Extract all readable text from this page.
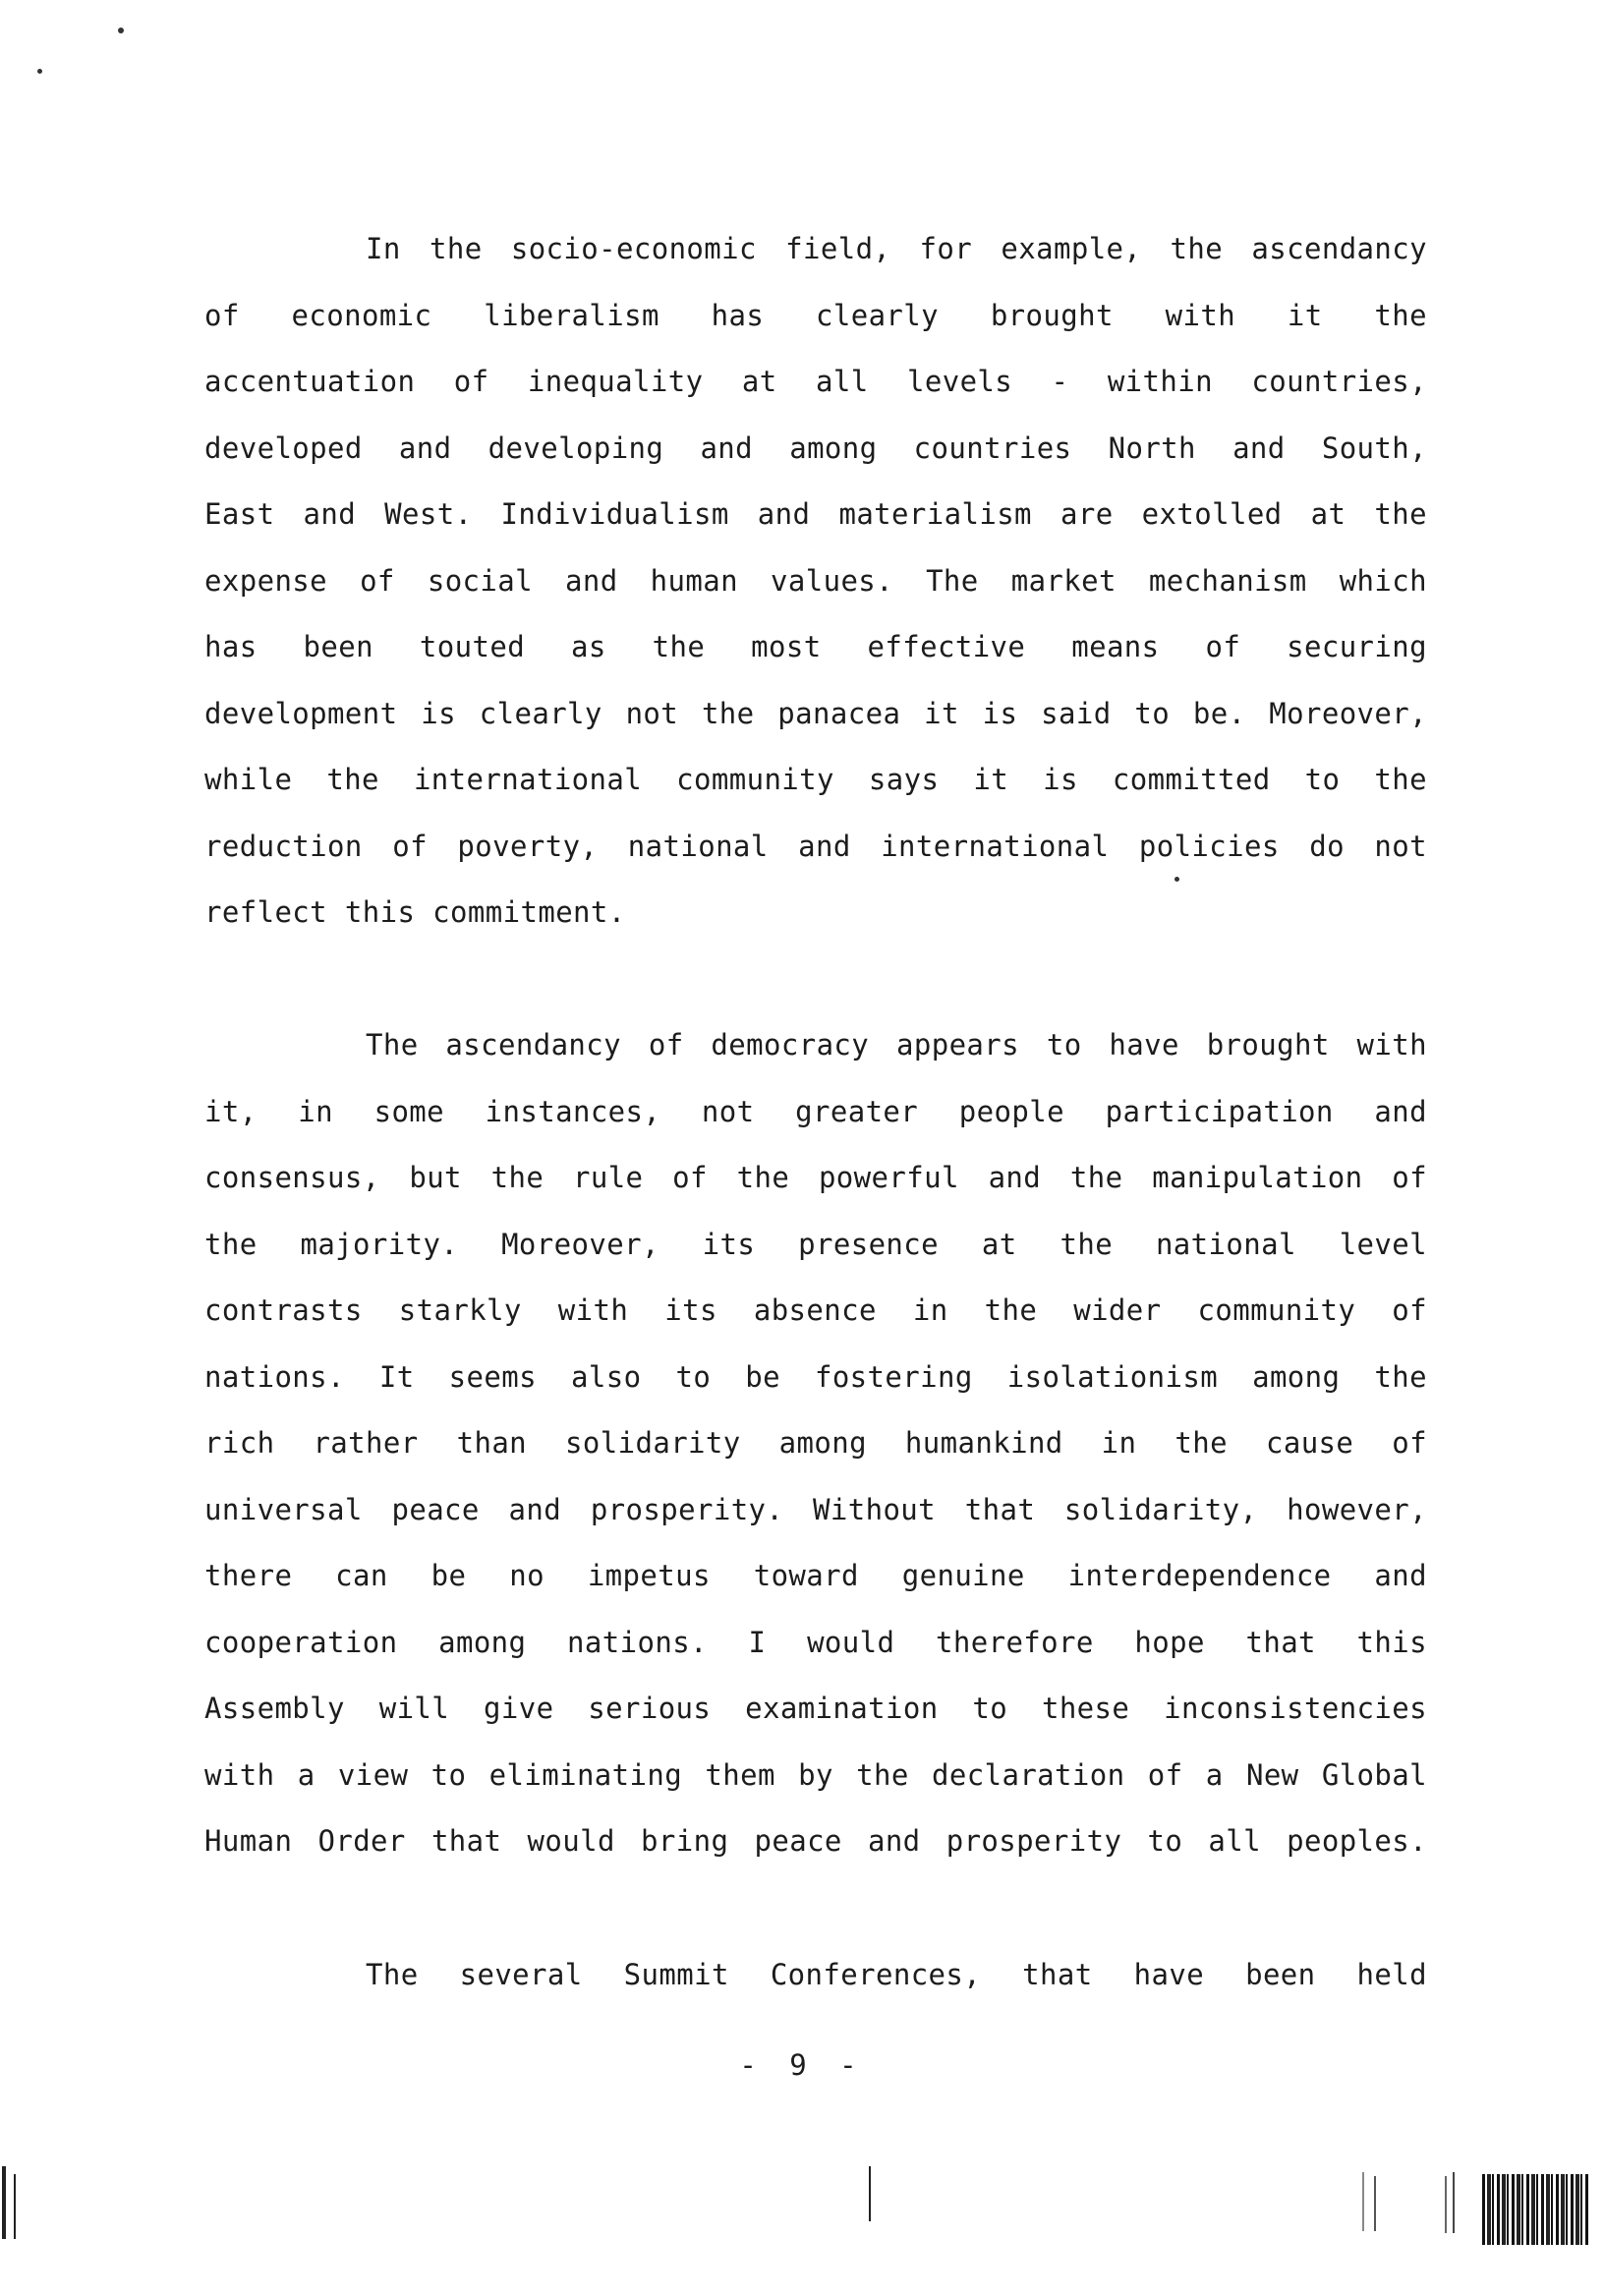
In the socio-economic field, for example, the ascendancy
of economic liberalism has clearly brought with it the
accentuation of inequality at all levels - within countries,
developed and developing and among countries North and South,
East and West. Individualism and materialism are extolled at the
expense of social and human values. The market mechanism which
has been touted as the most effective means of securing
development is clearly not the panacea it is said to be. Moreover,
while the international community says it is committed to the
reduction of poverty, national and international policies do not
reflect this commitment.
The ascendancy of democracy appears to have brought with
it, in some instances, not greater people participation and
consensus, but the rule of the powerful and the manipulation of
the majority. Moreover, its presence at the national level
contrasts starkly with its absence in the wider community of
nations. It seems also to be fostering isolationism among the
rich rather than solidarity among humankind in the cause of
universal peace and prosperity. Without that solidarity, however,
there can be no impetus toward genuine interdependence and
cooperation among nations. I would therefore hope that this
Assembly will give serious examination to these inconsistencies
with a view to eliminating them by the declaration of a New Global
Human Order that would bring peace and prosperity to all peoples.
The several Summit Conferences, that have been held
- 9 -
